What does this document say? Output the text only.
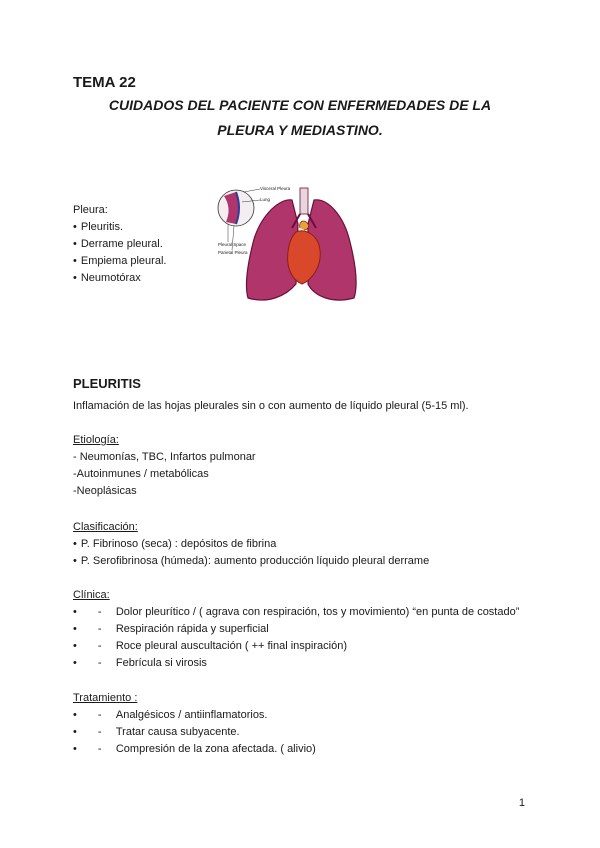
TEMA 22
CUIDADOS DEL PACIENTE CON ENFERMEDADES DE LA
PLEURA Y MEDIASTINO.
Pleura:
• Pleuritis.
• Derrame pleural.
• Empiema pleural.
• Neumotórax
Visceral Pleura
Lung
Pleural Space
Parietal Pleura
PLEURITIS
Inflamación de las hojas pleurales sin o con aumento de líquido pleural (5-15 ml).
Etiología:
- Neumonías, TBC, Infartos pulmonar
-Autoinmunes / metabólicas
-Neoplásicas
Clasificación:
• P. Fibrinoso (seca) : depósitos de fibrina
• P. Serofibrinosa (húmeda): aumento producción líquido pleural derrame
Clínica:
• -	Dolor pleurítico / ( agrava con respiración, tos y movimiento) “en punta de costado”
• -	Respiración rápida y superficial
• -	Roce pleural auscultación ( ++ final inspiración)
• -	Febrícula si virosis
Tratamiento :
• -	Analgésicos / antiinflamatorios.
• -	Tratar causa subyacente.
• -	Compresión de la zona afectada. ( alivio)
1
